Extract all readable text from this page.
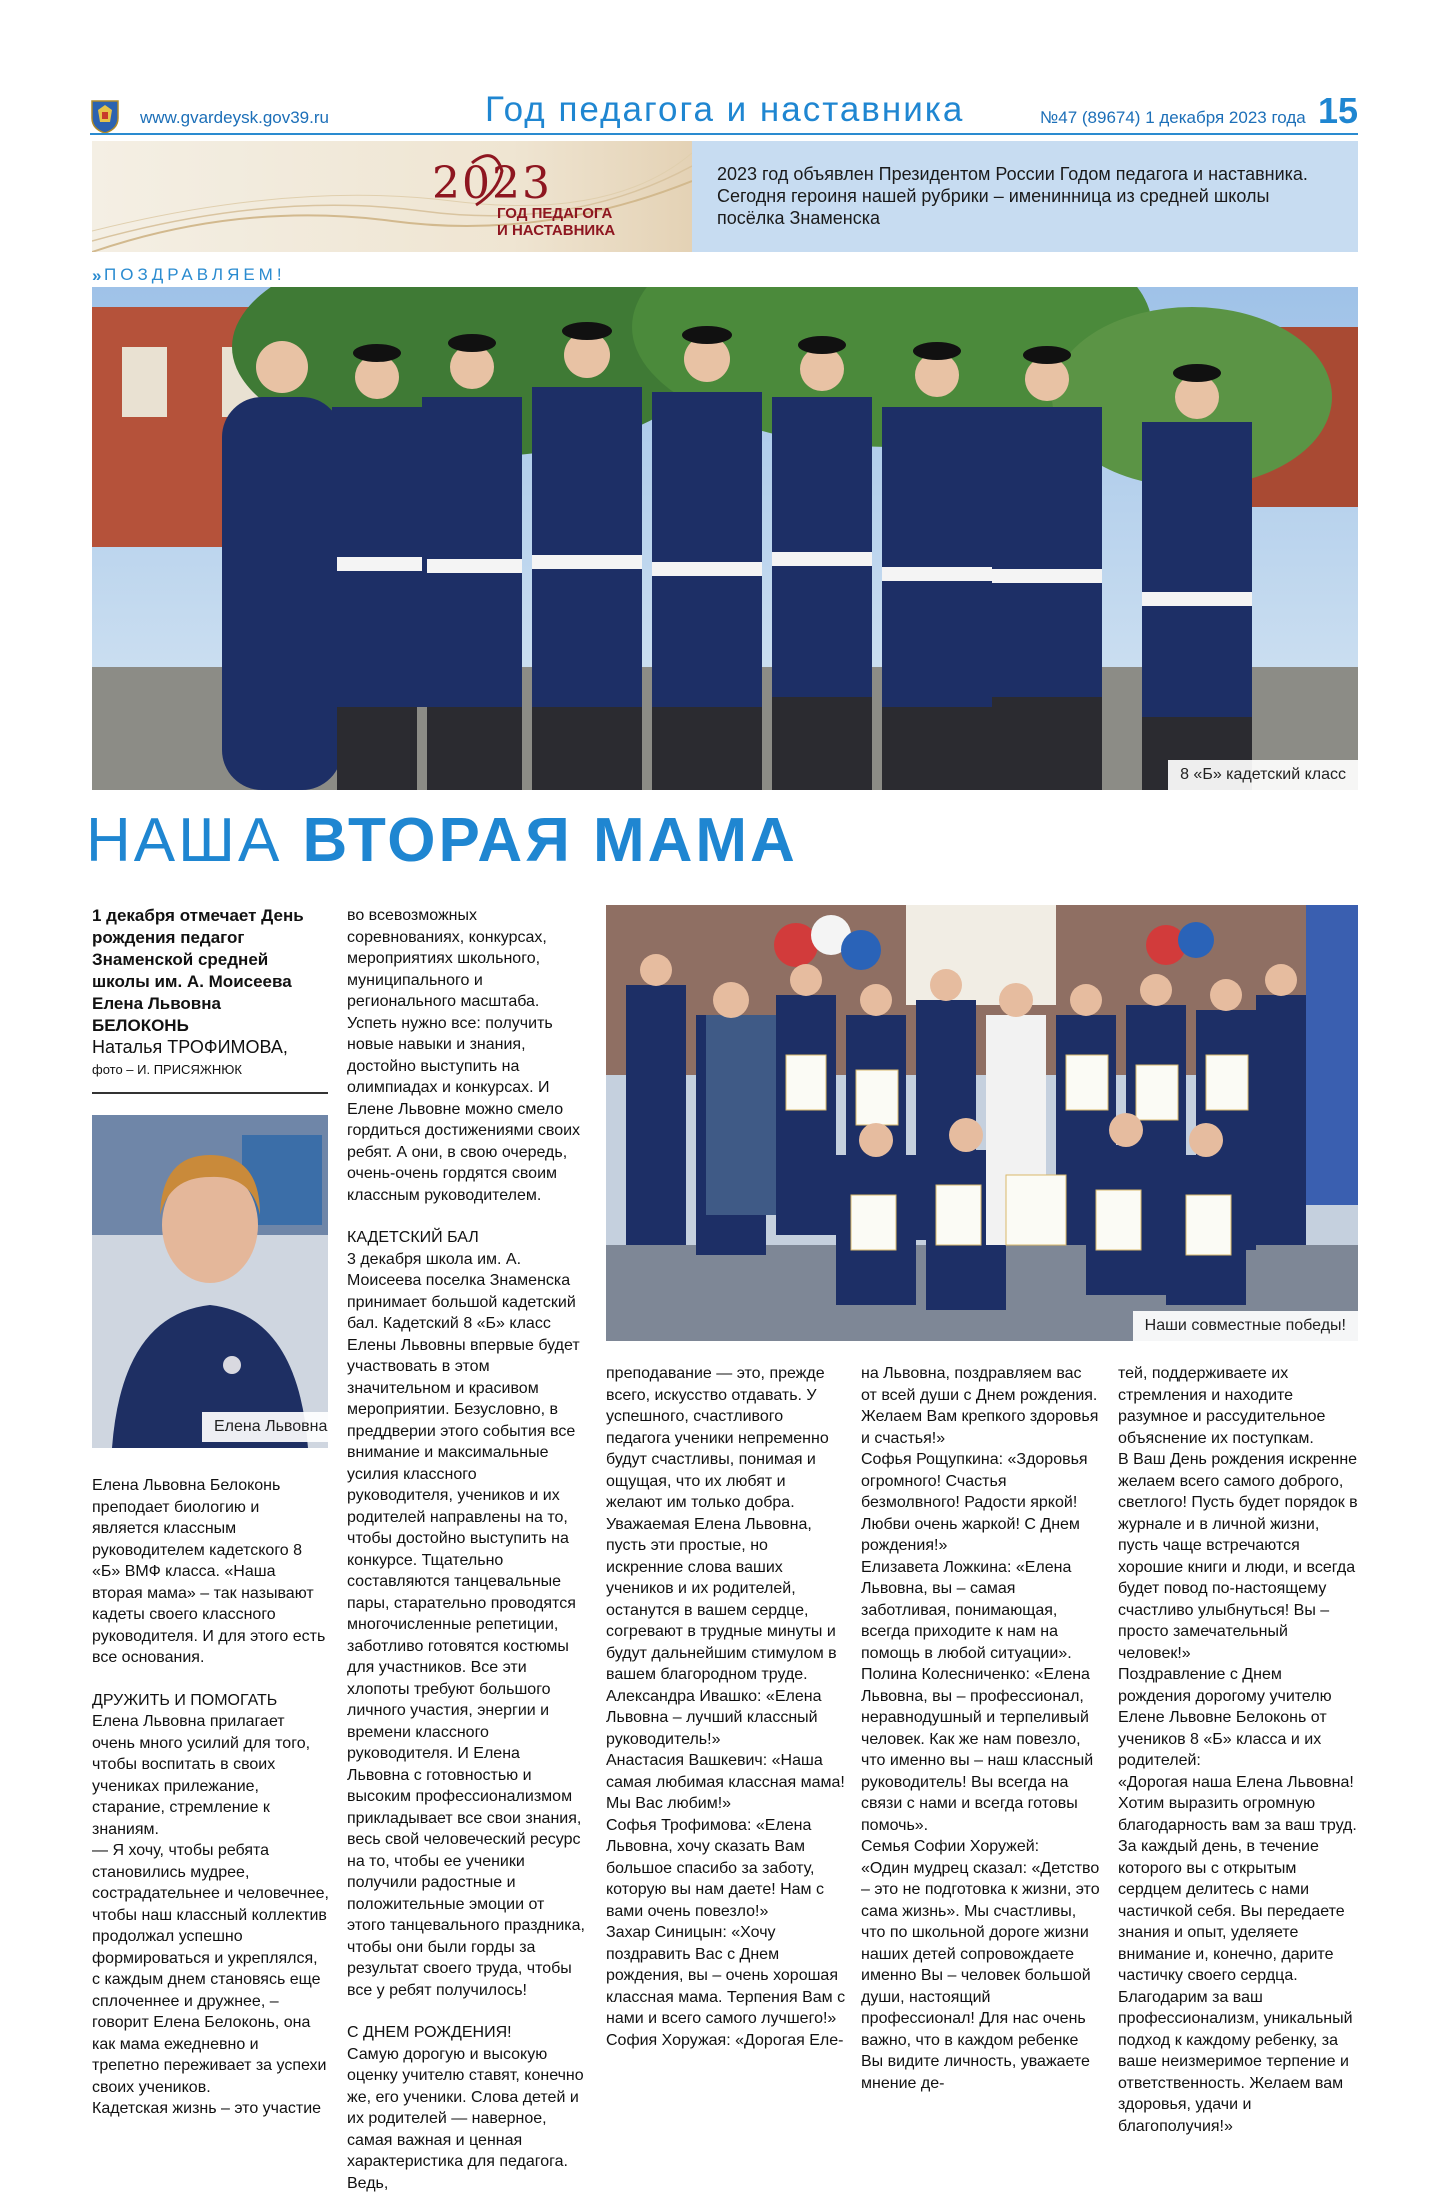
www.gvardeysk.gov39.ru	Год педагога и наставника	№47 (89674) 1 декабря 2023 года 15
2023
ГОД ПЕДАГОГА
И НАСТАВНИКА
2023 год объявлен Президентом России Годом педагога и наставника. Сегодня героиня нашей рубрики – именинница из средней школы посёлка Знаменска
» ПОЗДРАВЛЯЕМ!
8 «Б» кадетский класс
НАША ВТОРАЯ МАМА
1 декабря отмечает День рождения педагог Знаменской средней школы им. А. Моисеева Елена Львовна БЕЛОКОНЬ
Наталья ТРОФИМОВА,
фото – И. ПРИСЯЖНЮК
Елена Львовна

Елена Львовна Белоконь преподает биологию и является классным руководителем кадетского 8 «Б» ВМФ класса. «Наша вторая мама» – так называют кадеты своего классного руководителя. И для этого есть все основания.

ДРУЖИТЬ И ПОМОГАТЬ

Елена Львовна прилагает очень много усилий для того, чтобы воспитать в своих учениках прилежание, старание, стремление к знаниям.

— Я хочу, чтобы ребята становились мудрее, сострадательнее и человечнее, чтобы наш классный коллектив продолжал успешно формироваться и укреплялся, с каждым днем становясь еще сплоченнее и дружнее, – говорит Елена Белоконь, она как мама ежедневно и трепетно переживает за успехи своих учеников.

Кадетская жизнь – это участие

во всевозможных соревнованиях, конкурсах, мероприятиях школьного, муниципального и регионального масштаба. Успеть нужно все: получить новые навыки и знания, достойно выступить на олимпиадах и конкурсах. И Елене Львовне можно смело гордиться достижениями своих ребят. А они, в свою очередь, очень-очень гордятся своим классным руководителем.

КАДЕТСКИЙ БАЛ

3 декабря школа им. А. Моисеева поселка Знаменска принимает большой кадетский бал. Кадетский 8 «Б» класс Елены Львовны впервые будет участвовать в этом значительном и красивом мероприятии. Безусловно, в преддверии этого события все внимание и максимальные усилия классного руководителя, учеников и их родителей направлены на то, чтобы достойно выступить на конкурсе. Тщательно составляются танцевальные пары, старательно проводятся многочисленные репетиции, заботливо готовятся костюмы для участников. Все эти хлопоты требуют большого личного участия, энергии и времени классного руководителя. И Елена Львовна с готовностью и высоким профессионализмом прикладывает все свои знания, весь свой человеческий ресурс на то, чтобы ее ученики получили радостные и положительные эмоции от этого танцевального праздника, чтобы они были горды за результат своего труда, чтобы все у ребят получилось!

С ДНЕМ РОЖДЕНИЯ!

Самую дорогую и высокую оценку учителю ставят, конечно же, его ученики. Слова детей и их родителей — наверное, самая важная и ценная характеристика для педагога. Ведь,

Наши совместные победы!

преподавание — это, прежде всего, искусство отдавать. У успешного, счастливого педагога ученики непременно будут счастливы, понимая и ощущая, что их любят и желают им только добра.

Уважаемая Елена Львовна, пусть эти простые, но искренние слова ваших учеников и их родителей, останутся в вашем сердце, согревают в трудные минуты и будут дальнейшим стимулом в вашем благородном труде.

Александра Ивашко: «Елена Львовна – лучший классный руководитель!»

Анастасия Вашкевич: «Наша самая любимая классная мама! Мы Вас любим!»

Софья Трофимова: «Елена Львовна, хочу сказать Вам большое спасибо за заботу, которую вы нам даете! Нам с вами очень повезло!»

Захар Синицын: «Хочу поздравить Вас с Днем рождения, вы – очень хорошая классная мама. Терпения Вам с нами и всего самого лучшего!»

София Хоружая: «Дорогая Еле-

на Львовна, поздравляем вас от всей души с Днем рождения. Желаем Вам крепкого здоровья и счастья!»

Софья Рощупкина: «Здоровья огромного! Счастья безмолвного! Радости яркой! Любви очень жаркой! С Днем рождения!»

Елизавета Ложкина: «Елена Львовна, вы – самая заботливая, понимающая, всегда приходите к нам на помощь в любой ситуации».

Полина Колесниченко: «Елена Львовна, вы – профессионал, неравнодушный и терпеливый человек. Как же нам повезло, что именно вы – наш классный руководитель! Вы всегда на связи с нами и всегда готовы помочь».

Семья Софии Хоружей:

«Один мудрец сказал: «Детство – это не подготовка к жизни, это сама жизнь». Мы счастливы, что по школьной дороге жизни наших детей сопровождаете именно Вы – человек большой души, настоящий профессионал! Для нас очень важно, что в каждом ребенке Вы видите личность, уважаете мнение де-

тей, поддерживаете их стремления и находите разумное и рассудительное объяснение их поступкам.

В Ваш День рождения искренне желаем всего самого доброго, светлого! Пусть будет порядок в журнале и в личной жизни, пусть чаще встречаются хорошие книги и люди, и всегда будет повод по-настоящему счастливо улыбнуться! Вы – просто замечательный человек!»

Поздравление с Днем рождения дорогому учителю Елене Львовне Белоконь от учеников 8 «Б» класса и их родителей:

«Дорогая наша Елена Львовна! Хотим выразить огромную благодарность вам за ваш труд. За каждый день, в течение которого вы с открытым сердцем делитесь с нами частичкой себя. Вы передаете знания и опыт, уделяете внимание и, конечно, дарите частичку своего сердца. Благодарим за ваш профессионализм, уникальный подход к каждому ребенку, за ваше неизмеримое терпение и ответственность. Желаем вам здоровья, удачи и благополучия!»
